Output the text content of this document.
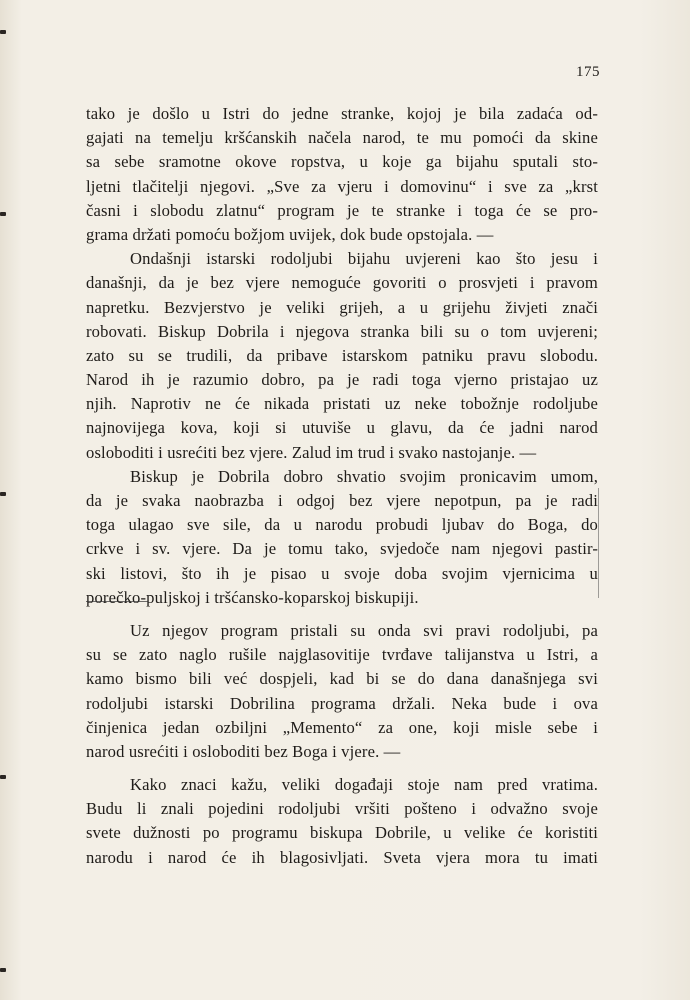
175
tako je došlo u Istri do jedne stranke, kojoj je bila zadaća od-
gajati na temelju kršćanskih načela narod, te mu pomoći da skine
sa sebe sramotne okove ropstva, u koje ga bijahu sputali sto-
ljetni tlačitelji njegovi. „Sve za vjeru i domovinu“ i sve za „krst
časni i slobodu zlatnu“ program je te stranke i toga će se pro-
grama držati pomoću božjom uvijek, dok bude opstojala. —
Ondašnji istarski rodoljubi bijahu uvjereni kao što jesu i
današnji, da je bez vjere nemoguće govoriti o prosvjeti i pravom
napretku. Bezvjerstvo je veliki grijeh, a u grijehu živjeti znači
robovati. Biskup Dobrila i njegova stranka bili su o tom uvjereni;
zato su se trudili, da pribave istarskom patniku pravu slobodu.
Narod ih je razumio dobro, pa je radi toga vjerno pristajao uz
njih. Naprotiv ne će nikada pristati uz neke tobožnje rodoljube
najnovijega kova, koji si utuviše u glavu, da će jadni narod
osloboditi i usrećiti bez vjere. Zalud im trud i svako nastojanje. —
Biskup je Dobrila dobro shvatio svojim pronicavim umom,
da je svaka naobrazba i odgoj bez vjere nepotpun, pa je radi
toga ulagao sve sile, da u narodu probudi ljubav do Boga, do
crkve i sv. vjere. Da je tomu tako, svjedoče nam njegovi pastir-
ski listovi, što ih je pisao u svoje doba svojim vjernicima u
porečko-puljskoj i tršćansko-koparskoj biskupiji.
Uz njegov program pristali su onda svi pravi rodoljubi, pa
su se zato naglo rušile najglasovitije tvrđave talijanstva u Istri, a
kamo bismo bili već dospjeli, kad bi se do dana današnjega svi
rodoljubi istarski Dobrilina programa držali. Neka bude i ova
činjenica jedan ozbiljni „Memento“ za one, koji misle sebe i
narod usrećiti i osloboditi bez Boga i vjere. —
Kako znaci kažu, veliki događaji stoje nam pred vratima.
Budu li znali pojedini rodoljubi vršiti pošteno i odvažno svoje
svete dužnosti po programu biskupa Dobrile, u velike će koristiti
narodu i narod će ih blagosivljati. Sveta vjera mora tu imati
